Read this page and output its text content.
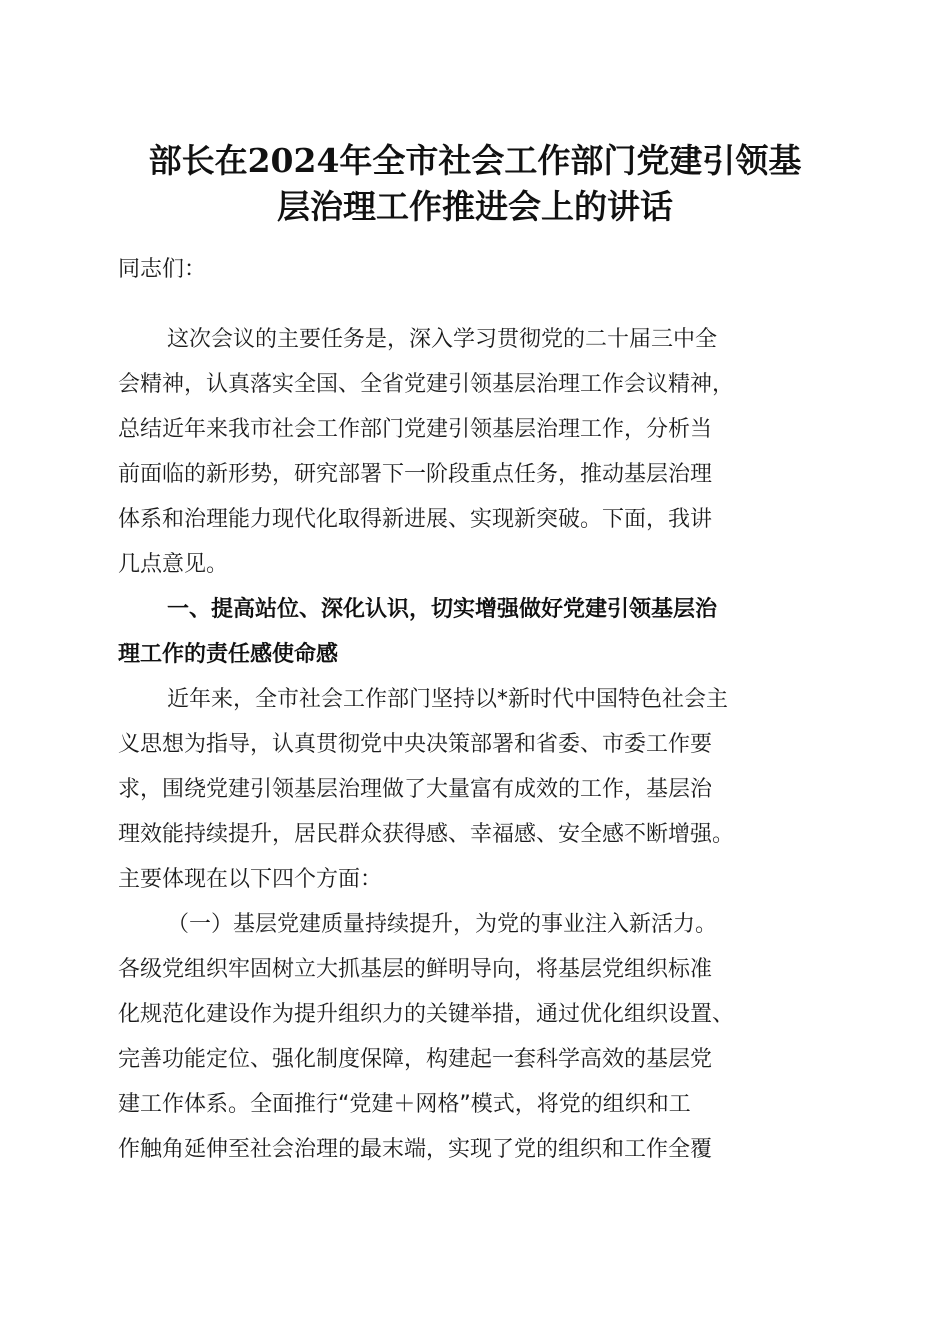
部长在2024年全市社会工作部门党建引领基
层治理工作推进会上的讲话
同志们：
这次会议的主要任务是，深入学习贯彻党的二十届三中全
会精神，认真落实全国、全省党建引领基层治理工作会议精神，
总结近年来我市社会工作部门党建引领基层治理工作，分析当
前面临的新形势，研究部署下一阶段重点任务，推动基层治理
体系和治理能力现代化取得新进展、实现新突破。下面，我讲
几点意见。
一、提高站位、深化认识，切实增强做好党建引领基层治
理工作的责任感使命感
近年来，全市社会工作部门坚持以*新时代中国特色社会主
义思想为指导，认真贯彻党中央决策部署和省委、市委工作要
求，围绕党建引领基层治理做了大量富有成效的工作，基层治
理效能持续提升，居民群众获得感、幸福感、安全感不断增强。
主要体现在以下四个方面：
（一）基层党建质量持续提升，为党的事业注入新活力。
各级党组织牢固树立大抓基层的鲜明导向，将基层党组织标准
化规范化建设作为提升组织力的关键举措，通过优化组织设置、
完善功能定位、强化制度保障，构建起一套科学高效的基层党
建工作体系。全面推行“党建＋网格”模式，将党的组织和工
作触角延伸至社会治理的最末端，实现了党的组织和工作全覆
